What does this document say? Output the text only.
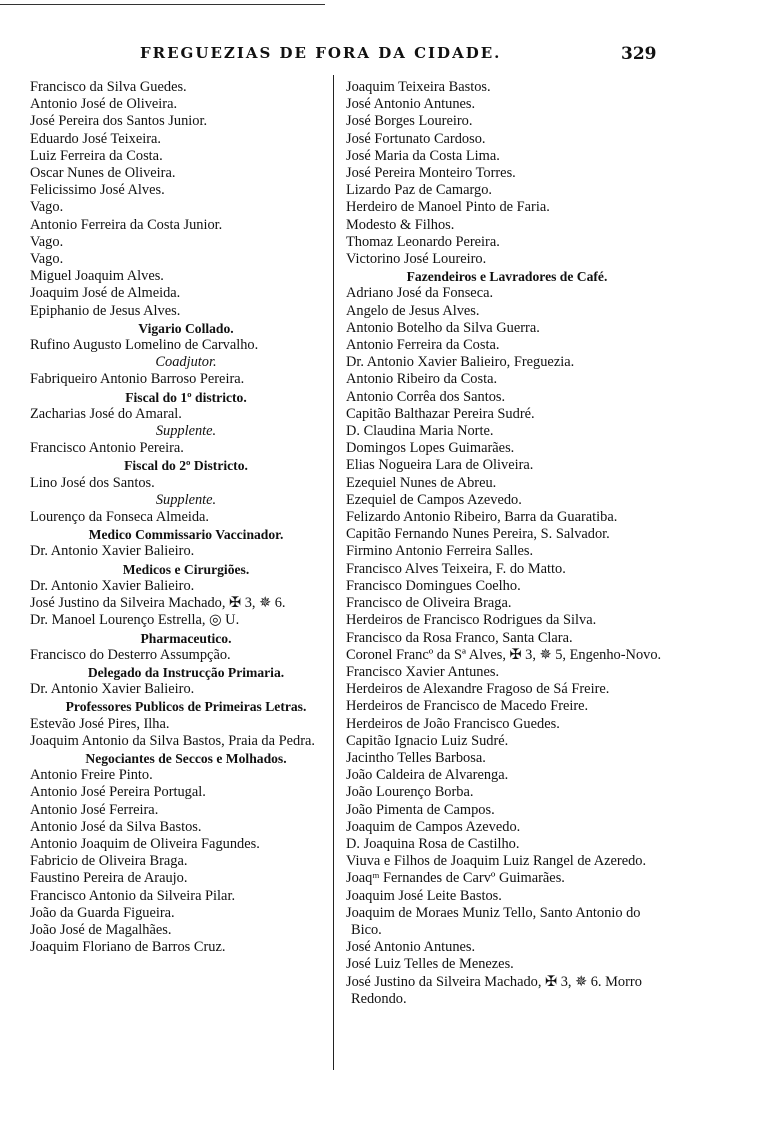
FREGUEZIAS DE FORA DA CIDADE.	329
Francisco da Silva Guedes.
Antonio José de Oliveira.
José Pereira dos Santos Junior.
Eduardo José Teixeira.
Luiz Ferreira da Costa.
Oscar Nunes de Oliveira.
Felicissimo José Alves.
Vago.
Antonio Ferreira da Costa Junior.
Vago.
Vago.
Miguel Joaquim Alves.
Joaquim José de Almeida.
Epiphanio de Jesus Alves.
Vigario Collado.
Rufino Augusto Lomelino de Carvalho.
Coadjutor.
Fabriqueiro Antonio Barroso Pereira.
Fiscal do 1º districto.
Zacharias José do Amaral.
Supplente.
Francisco Antonio Pereira.
Fiscal do 2º Districto.
Lino José dos Santos.
Supplente.
Lourenço da Fonseca Almeida.
Medico Commissario Vaccinador.
Dr. Antonio Xavier Balieiro.
Medicos e Cirurgiões.
Dr. Antonio Xavier Balieiro.
José Justino da Silveira Machado, ✠ 3, ✵ 6.
Dr. Manoel Lourenço Estrella, ◎ U.
Pharmaceutico.
Francisco do Desterro Assumpção.
Delegado da Instrucção Primaria.
Dr. Antonio Xavier Balieiro.
Professores Publicos de Primeiras Letras.
Estevão José Pires, Ilha.
Joaquim Antonio da Silva Bastos, Praia da Pedra.
Negociantes de Seccos e Molhados.
Antonio Freire Pinto.
Antonio José Pereira Portugal.
Antonio José Ferreira.
Antonio José da Silva Bastos.
Antonio Joaquim de Oliveira Fagundes.
Fabricio de Oliveira Braga.
Faustino Pereira de Araujo.
Francisco Antonio da Silveira Pilar.
João da Guarda Figueira.
João José de Magalhães.
Joaquim Floriano de Barros Cruz.
Joaquim Teixeira Bastos.
José Antonio Antunes.
José Borges Loureiro.
José Fortunato Cardoso.
José Maria da Costa Lima.
José Pereira Monteiro Torres.
Lizardo Paz de Camargo.
Herdeiro de Manoel Pinto de Faria.
Modesto & Filhos.
Thomaz Leonardo Pereira.
Victorino José Loureiro.
Fazendeiros e Lavradores de Café.
Adriano José da Fonseca.
Angelo de Jesus Alves.
Antonio Botelho da Silva Guerra.
Antonio Ferreira da Costa.
Dr. Antonio Xavier Balieiro, Freguezia.
Antonio Ribeiro da Costa.
Antonio Corrêa dos Santos.
Capitão Balthazar Pereira Sudré.
D. Claudina Maria Norte.
Domingos Lopes Guimarães.
Elias Nogueira Lara de Oliveira.
Ezequiel Nunes de Abreu.
Ezequiel de Campos Azevedo.
Felizardo Antonio Ribeiro, Barra da Guaratiba.
Capitão Fernando Nunes Pereira, S. Salvador.
Firmino Antonio Ferreira Salles.
Francisco Alves Teixeira, F. do Matto.
Francisco Domingues Coelho.
Francisco de Oliveira Braga.
Herdeiros de Francisco Rodrigues da Silva.
Francisco da Rosa Franco, Santa Clara.
Coronel Francº da Sª Alves, ✠ 3, ✵ 5, Engenho-Novo.
Francisco Xavier Antunes.
Herdeiros de Alexandre Fragoso de Sá Freire.
Herdeiros de Francisco de Macedo Freire.
Herdeiros de João Francisco Guedes.
Capitão Ignacio Luiz Sudré.
Jacintho Telles Barbosa.
João Caldeira de Alvarenga.
João Lourenço Borba.
João Pimenta de Campos.
Joaquim de Campos Azevedo.
D. Joaquina Rosa de Castilho.
Viuva e Filhos de Joaquim Luiz Rangel de Azeredo.
Joaqᵐ Fernandes de Carvº Guimarães.
Joaquim José Leite Bastos.
Joaquim de Moraes Muniz Tello, Santo Antonio do Bico.
José Antonio Antunes.
José Luiz Telles de Menezes.
José Justino da Silveira Machado, ✠ 3, ✵ 6. Morro Redondo.
